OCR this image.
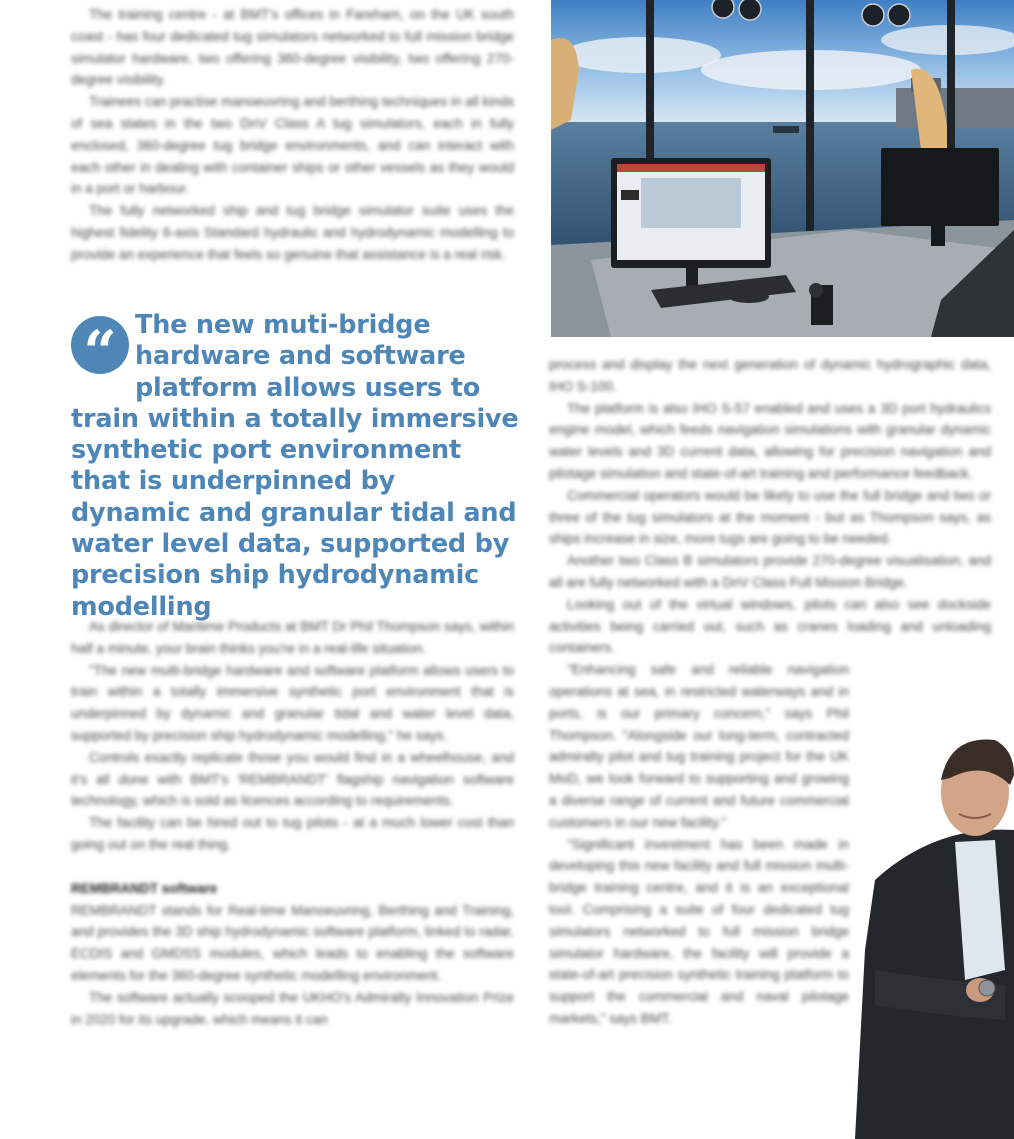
The training centre - at BMT's offices in Fareham, on the UK south coast - has four dedicated tug simulators networked to full mission bridge simulator hardware, two offering 360-degree visibility, two offering 270-degree visibility.

Trainees can practise manoeuvring and berthing techniques in all kinds of sea states in the two DnV Class A tug simulators, each in fully enclosed, 360-degree tug bridge environments, and can interact with each other in dealing with container ships or other vessels as they would in a port or harbour.

The fully networked ship and tug bridge simulator suite uses the highest fidelity 6-axis Standard hydraulic and hydrodynamic modelling to provide an experience that feels so genuine that assistance is a real risk.

“ The new muti-bridge hardware and software platform allows users to train within a totally immersive synthetic port environment that is underpinned by dynamic and granular tidal and water level data, supported by precision ship hydrodynamic modelling

As director of Maritime Products at BMT Dr Phil Thompson says, within half a minute, your brain thinks you're in a real-life situation.

"The new multi-bridge hardware and software platform allows users to train within a totally immersive synthetic port environment that is underpinned by dynamic and granular tidal and water level data, supported by precision ship hydrodynamic modelling," he says.

Controls exactly replicate those you would find in a wheelhouse, and it's all done with BMT's 'REMBRANDT' flagship navigation software technology, which is sold as licences according to requirements.

The facility can be hired out to tug pilots - at a much lower cost than going out on the real thing.

REMBRANDT software

REMBRANDT stands for Real-time Manoeuvring, Berthing and Training, and provides the 3D ship hydrodynamic software platform, linked to radar, ECDIS and GMDSS modules, which leads to enabling the software elements for the 360-degree synthetic modelling environment.

The software actually scooped the UKHO's Admiralty Innovation Prize in 2020 for its upgrade, which means it can

process and display the next generation of dynamic hydrographic data, IHO S-100.

The platform is also IHO S-57 enabled and uses a 3D port hydraulics engine model, which feeds navigation simulations with granular dynamic water levels and 3D current data, allowing for precision navigation and pilotage simulation and state-of-art training and performance feedback.

Commercial operators would be likely to use the full bridge and two or three of the tug simulators at the moment - but as Thompson says, as ships increase in size, more tugs are going to be needed.

Another two Class B simulators provide 270-degree visualisation, and all are fully networked with a DnV Class Full Mission Bridge.

Looking out of the virtual windows, pilots can also see dockside activities being carried out, such as cranes loading and unloading containers.

"Enhancing safe and reliable navigation operations at sea, in restricted waterways and in ports, is our primary concern," says Phil Thompson. "Alongside our long-term, contracted admiralty pilot and tug training project for the UK MoD, we look forward to supporting and growing a diverse range of current and future commercial customers in our new facility."

"Significant investment has been made in developing this new facility and full mission multi-bridge training centre, and it is an exceptional tool. Comprising a suite of four dedicated tug simulators networked to full mission bridge simulator hardware, the facility will provide a state-of-art precision synthetic training platform to support the commercial and naval pilotage markets," says BMT.
